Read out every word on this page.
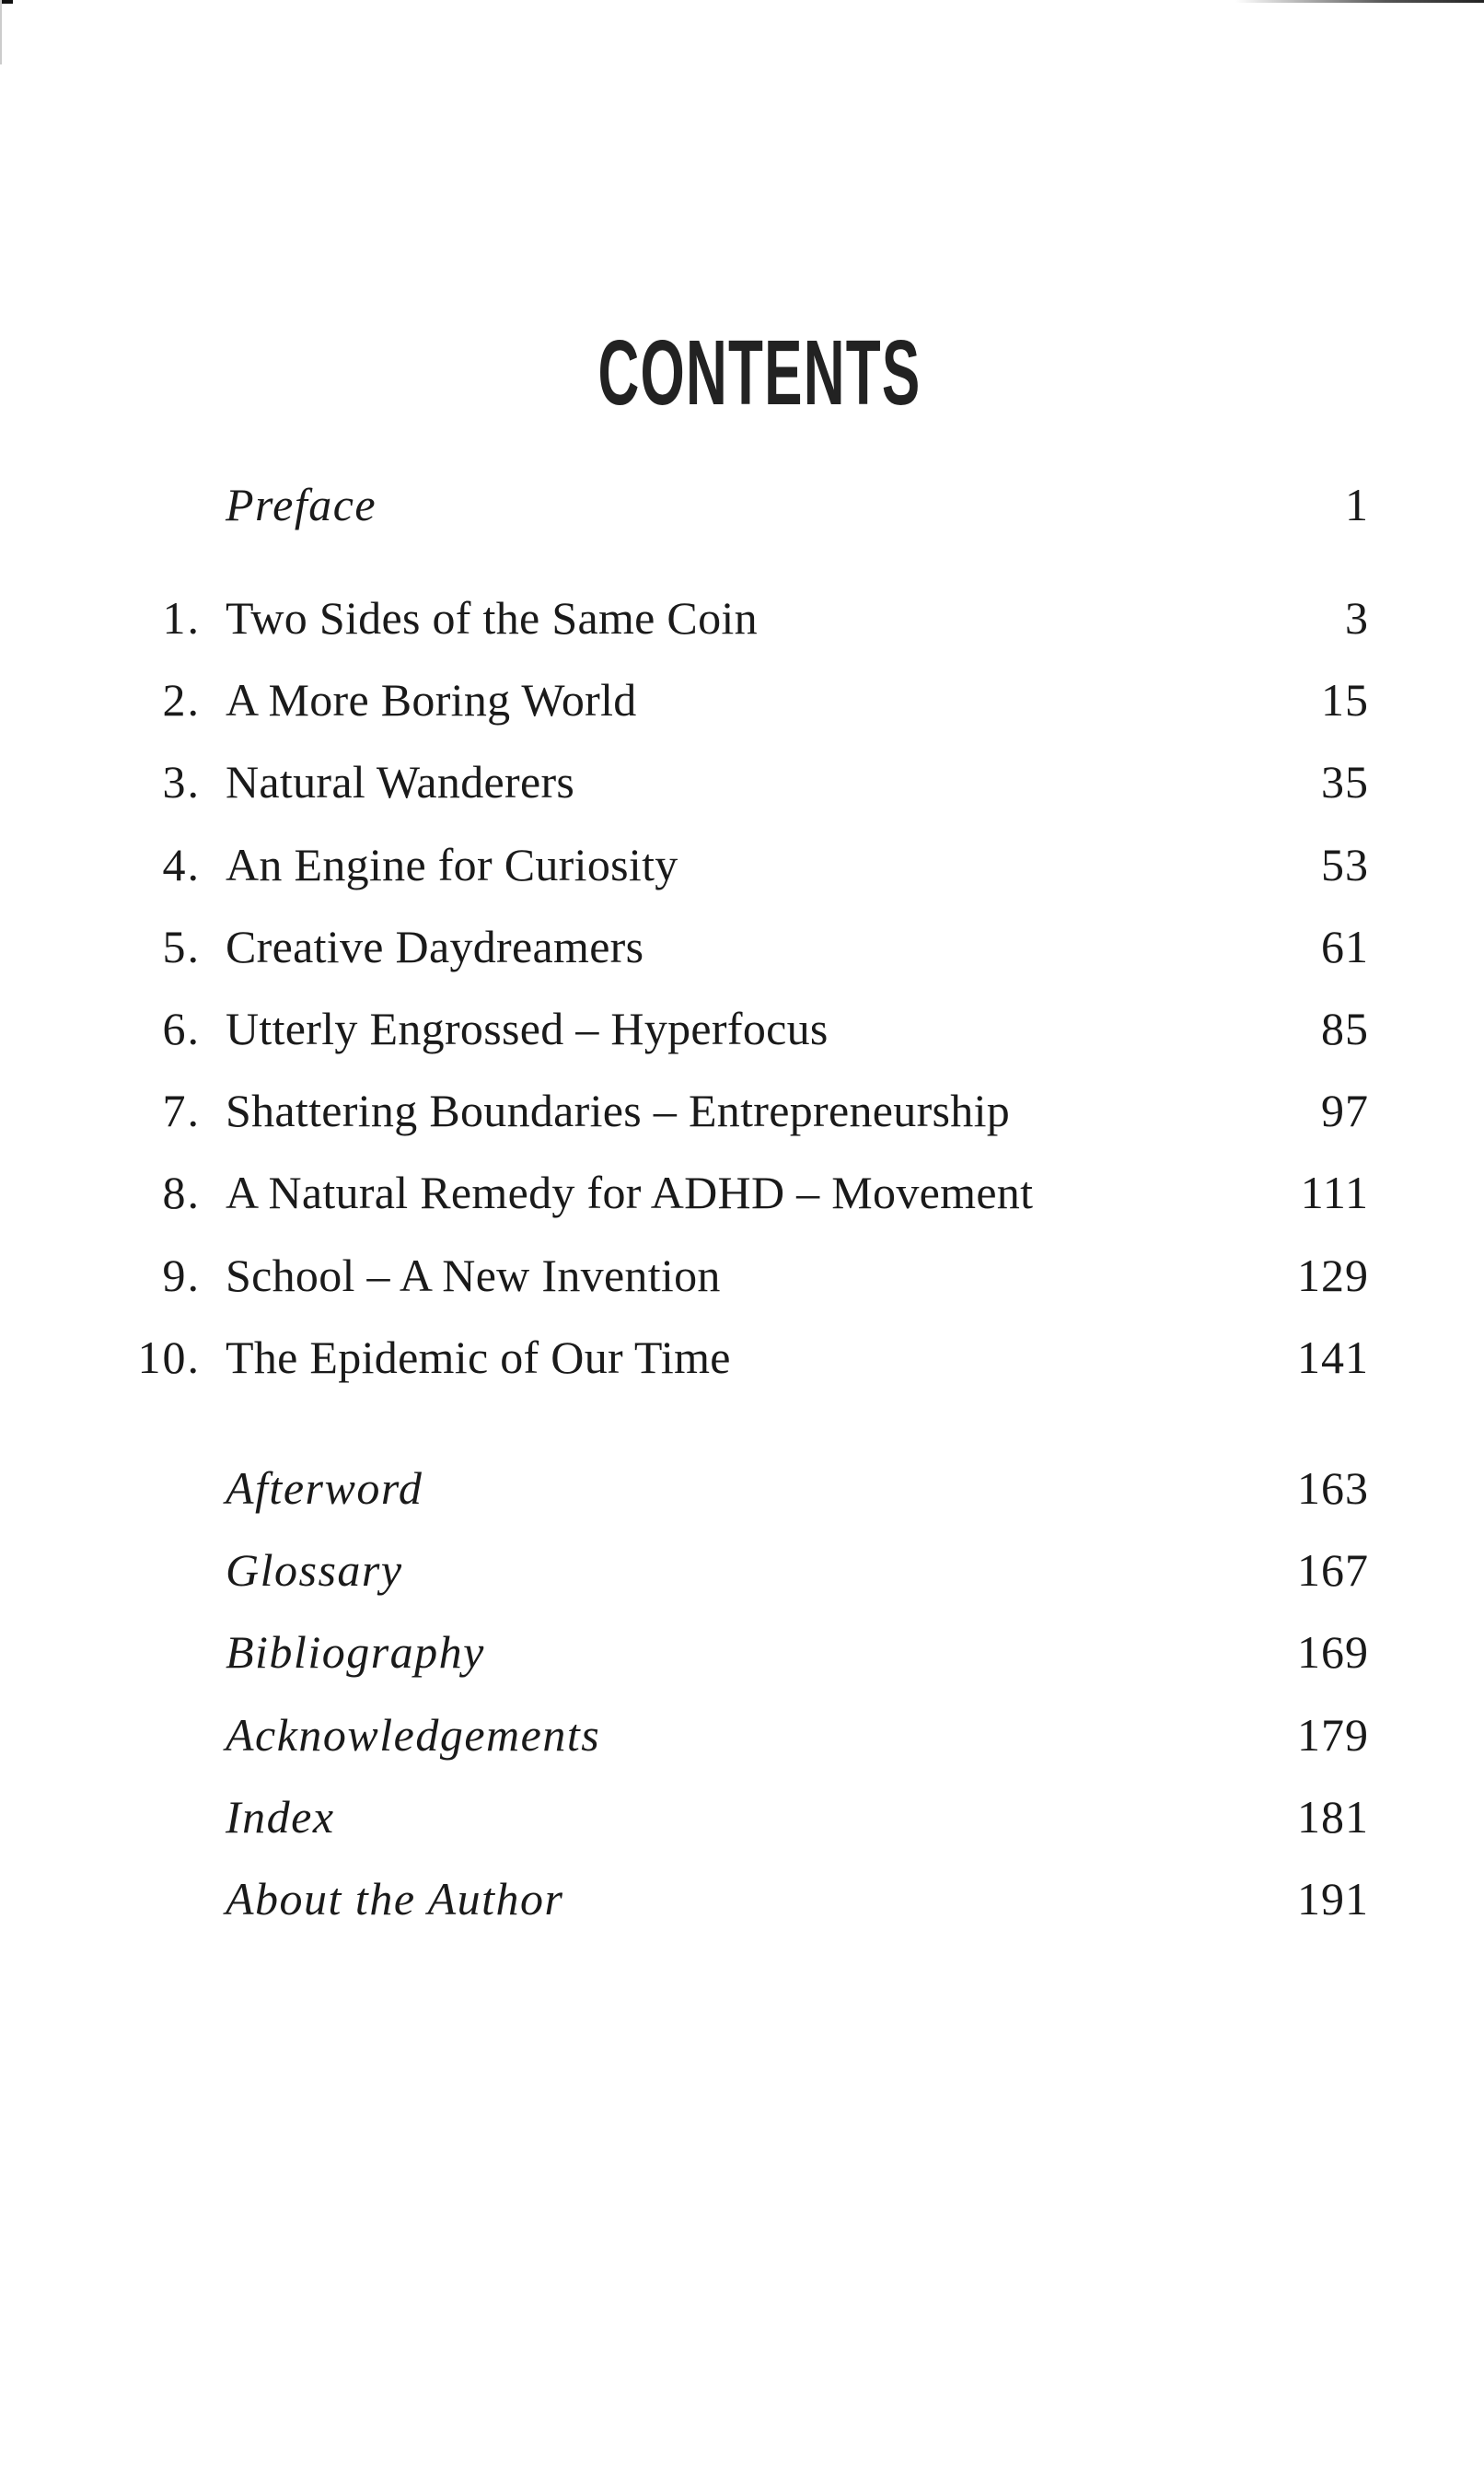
CONTENTS
Preface	1
1. Two Sides of the Same Coin	3
2. A More Boring World	15
3. Natural Wanderers	35
4. An Engine for Curiosity	53
5. Creative Daydreamers	61
6. Utterly Engrossed – Hyperfocus	85
7. Shattering Boundaries – Entrepreneurship	97
8. A Natural Remedy for ADHD – Movement	111
9. School – A New Invention	129
10. The Epidemic of Our Time	141
Afterword	163
Glossary	167
Bibliography	169
Acknowledgements	179
Index	181
About the Author	191
